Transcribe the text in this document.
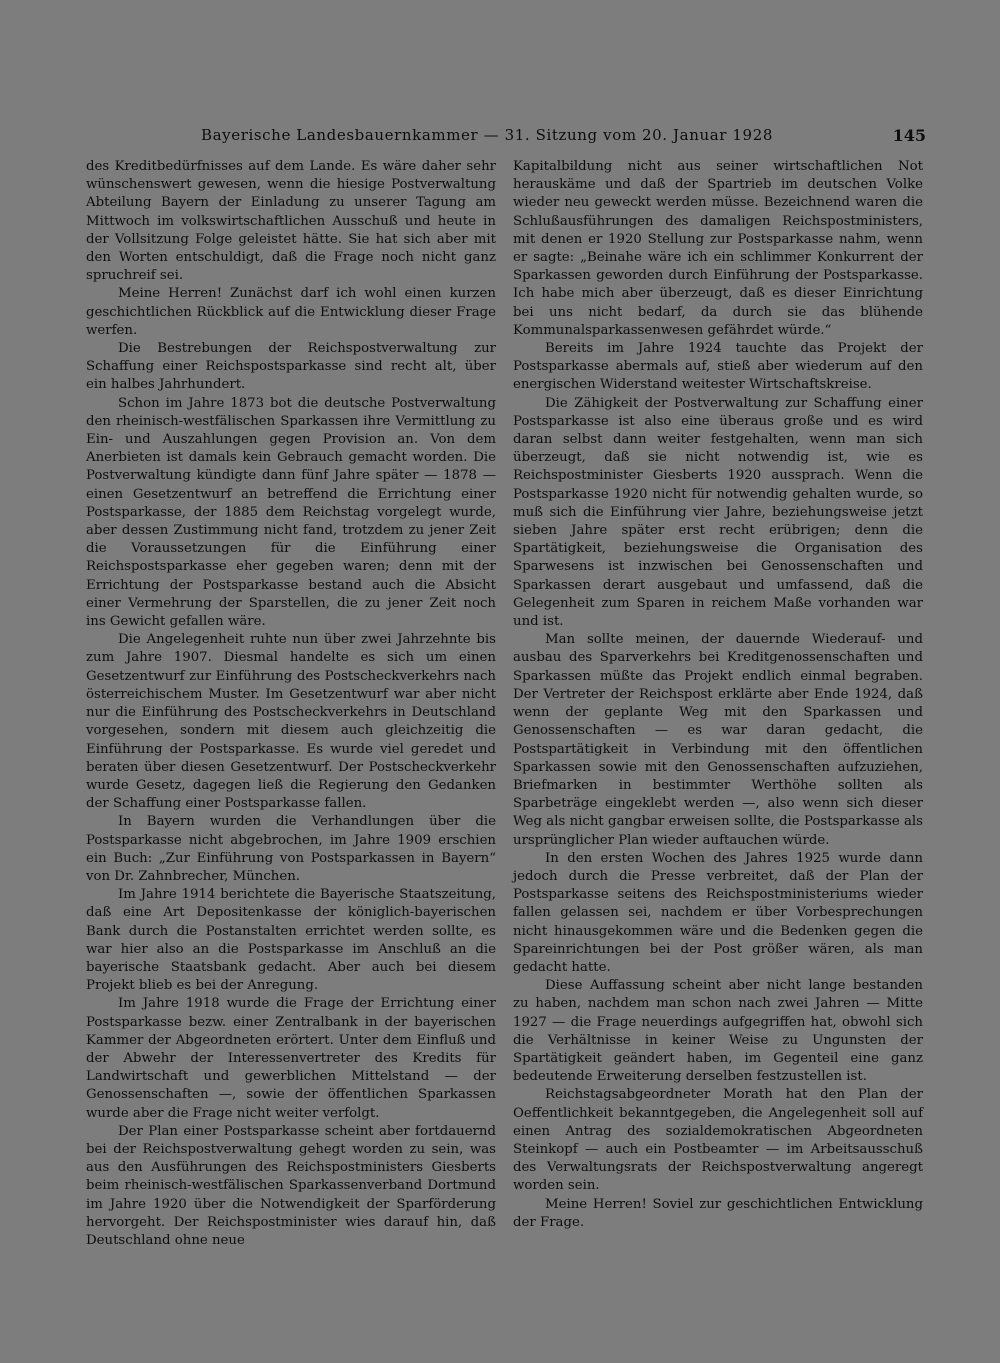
Bayerische Landesbauernkammer — 31. Sitzung vom 20. Januar 1928	145

des Kreditbedürfnisses auf dem Lande. Es wäre daher sehr wünschenswert gewesen, wenn die hiesige Postverwaltung Abteilung Bayern der Einladung zu unserer Tagung am Mittwoch im volkswirtschaftlichen Ausschuß und heute in der Vollsitzung Folge geleistet hätte. Sie hat sich aber mit den Worten entschuldigt, daß die Frage noch nicht ganz spruchreif sei.

Meine Herren! Zunächst darf ich wohl einen kurzen geschichtlichen Rückblick auf die Entwicklung dieser Frage werfen.

Die Bestrebungen der Reichspostverwaltung zur Schaffung einer Reichspostsparkasse sind recht alt, über ein halbes Jahrhundert.

Schon im Jahre 1873 bot die deutsche Postverwaltung den rheinisch-westfälischen Sparkassen ihre Vermittlung zu Ein- und Auszahlungen gegen Provision an. Von dem Anerbieten ist damals kein Gebrauch gemacht worden. Die Postverwaltung kündigte dann fünf Jahre später — 1878 — einen Gesetzentwurf an betreffend die Errichtung einer Postsparkasse, der 1885 dem Reichstag vorgelegt wurde, aber dessen Zustimmung nicht fand, trotzdem zu jener Zeit die Voraussetzungen für die Einführung einer Reichspostsparkasse eher gegeben waren; denn mit der Errichtung der Postsparkasse bestand auch die Absicht einer Vermehrung der Sparstellen, die zu jener Zeit noch ins Gewicht gefallen wäre.

Die Angelegenheit ruhte nun über zwei Jahrzehnte bis zum Jahre 1907. Diesmal handelte es sich um einen Gesetzentwurf zur Einführung des Postscheckverkehrs nach österreichischem Muster. Im Gesetzentwurf war aber nicht nur die Einführung des Postscheckverkehrs in Deutschland vorgesehen, sondern mit diesem auch gleichzeitig die Einführung der Postsparkasse. Es wurde viel geredet und beraten über diesen Gesetzentwurf. Der Postscheckverkehr wurde Gesetz, dagegen ließ die Regierung den Gedanken der Schaffung einer Postsparkasse fallen.

In Bayern wurden die Verhandlungen über die Postsparkasse nicht abgebrochen, im Jahre 1909 erschien ein Buch: „Zur Einführung von Postsparkassen in Bayern“ von Dr. Zahnbrecher, München.

Im Jahre 1914 berichtete die Bayerische Staatszeitung, daß eine Art Depositenkasse der königlich-bayerischen Bank durch die Postanstalten errichtet werden sollte, es war hier also an die Postsparkasse im Anschluß an die bayerische Staatsbank gedacht. Aber auch bei diesem Projekt blieb es bei der Anregung.

Im Jahre 1918 wurde die Frage der Errichtung einer Postsparkasse bezw. einer Zentralbank in der bayerischen Kammer der Abgeordneten erörtert. Unter dem Einfluß und der Abwehr der Interessenvertreter des Kredits für Landwirtschaft und gewerblichen Mittelstand — der Genossenschaften —, sowie der öffentlichen Sparkassen wurde aber die Frage nicht weiter verfolgt.

Der Plan einer Postsparkasse scheint aber fortdauernd bei der Reichspostverwaltung gehegt worden zu sein, was aus den Ausführungen des Reichspostministers Giesberts beim rheinisch-westfälischen Sparkassenverband Dortmund im Jahre 1920 über die Notwendigkeit der Sparförderung hervorgeht. Der Reichspostminister wies darauf hin, daß Deutschland ohne neue

Kapitalbildung nicht aus seiner wirtschaftlichen Not herauskäme und daß der Spartrieb im deutschen Volke wieder neu geweckt werden müsse. Bezeichnend waren die Schlußausführungen des damaligen Reichspostministers, mit denen er 1920 Stellung zur Postsparkasse nahm, wenn er sagte: „Beinahe wäre ich ein schlimmer Konkurrent der Sparkassen geworden durch Einführung der Postsparkasse. Ich habe mich aber überzeugt, daß es dieser Einrichtung bei uns nicht bedarf, da durch sie das blühende Kommunalsparkassenwesen gefährdet würde.“

Bereits im Jahre 1924 tauchte das Projekt der Postsparkasse abermals auf, stieß aber wiederum auf den energischen Widerstand weitester Wirtschaftskreise.

Die Zähigkeit der Postverwaltung zur Schaffung einer Postsparkasse ist also eine überaus große und es wird daran selbst dann weiter festgehalten, wenn man sich überzeugt, daß sie nicht notwendig ist, wie es Reichspostminister Giesberts 1920 aussprach. Wenn die Postsparkasse 1920 nicht für notwendig gehalten wurde, so muß sich die Einführung vier Jahre, beziehungsweise jetzt sieben Jahre später erst recht erübrigen; denn die Spartätigkeit, beziehungsweise die Organisation des Sparwesens ist inzwischen bei Genossenschaften und Sparkassen derart ausgebaut und umfassend, daß die Gelegenheit zum Sparen in reichem Maße vorhanden war und ist.

Man sollte meinen, der dauernde Wiederauf- und ausbau des Sparverkehrs bei Kreditgenossenschaften und Sparkassen müßte das Projekt endlich einmal begraben. Der Vertreter der Reichspost erklärte aber Ende 1924, daß wenn der geplante Weg mit den Sparkassen und Genossenschaften — es war daran gedacht, die Postspartätigkeit in Verbindung mit den öffentlichen Sparkassen sowie mit den Genossenschaften aufzuziehen, Briefmarken in bestimmter Werthöhe sollten als Sparbeträge eingeklebt werden —, also wenn sich dieser Weg als nicht gangbar erweisen sollte, die Postsparkasse als ursprünglicher Plan wieder auftauchen würde.

In den ersten Wochen des Jahres 1925 wurde dann jedoch durch die Presse verbreitet, daß der Plan der Postsparkasse seitens des Reichspostministeriums wieder fallen gelassen sei, nachdem er über Vorbesprechungen nicht hinausgekommen wäre und die Bedenken gegen die Spareinrichtungen bei der Post größer wären, als man gedacht hatte.

Diese Auffassung scheint aber nicht lange bestanden zu haben, nachdem man schon nach zwei Jahren — Mitte 1927 — die Frage neuerdings aufgegriffen hat, obwohl sich die Verhältnisse in keiner Weise zu Ungunsten der Spartätigkeit geändert haben, im Gegenteil eine ganz bedeutende Erweiterung derselben festzustellen ist.

Reichstagsabgeordneter Morath hat den Plan der Oeffentlichkeit bekanntgegeben, die Angelegenheit soll auf einen Antrag des sozialdemokratischen Abgeordneten Steinkopf — auch ein Postbeamter — im Arbeitsausschuß des Verwaltungsrats der Reichspostverwaltung angeregt worden sein.

Meine Herren! Soviel zur geschichtlichen Entwicklung der Frage.
